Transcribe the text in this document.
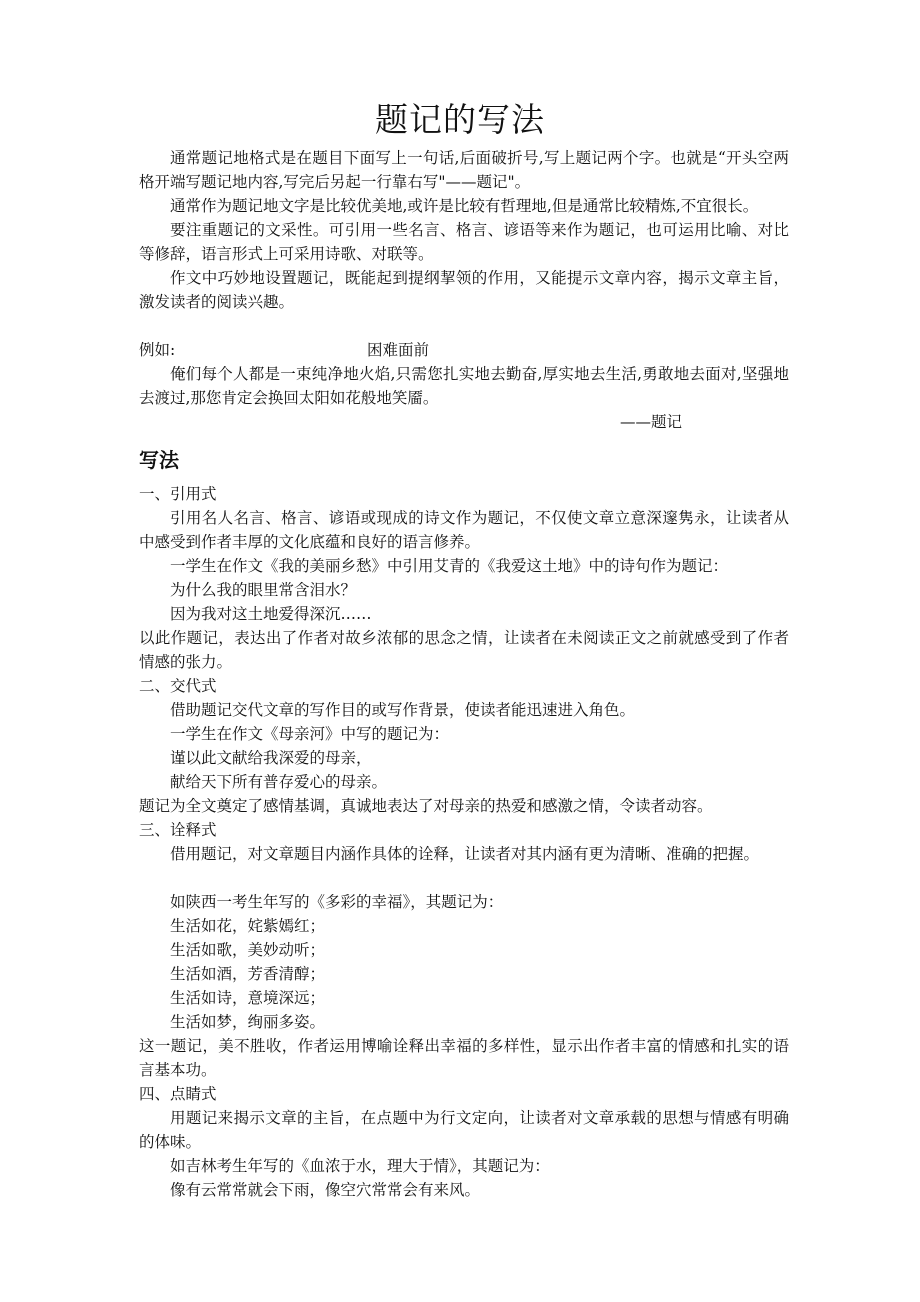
题记的写法

通常题记地格式是在题目下面写上一句话,后面破折号,写上题记两个字。也就是“开头空两格开端写题记地内容,写完后另起一行靠右写"——题记"。

通常作为题记地文字是比较优美地,或许是比较有哲理地,但是通常比较精炼,不宜很长。

要注重题记的文采性。可引用一些名言、格言、谚语等来作为题记，也可运用比喻、对比等修辞，语言形式上可采用诗歌、对联等。

作文中巧妙地设置题记，既能起到提纲挈领的作用，又能提示文章内容，揭示文章主旨，激发读者的阅读兴趣。

例如:	困难面前

俺们每个人都是一束纯净地火焰,只需您扎实地去勤奋,厚实地去生活,勇敢地去面对,坚强地去渡过,那您肯定会换回太阳如花般地笑靥。

——题记
写法

一、引用式

引用名人名言、格言、谚语或现成的诗文作为题记，不仅使文章立意深邃隽永，让读者从中感受到作者丰厚的文化底蕴和良好的语言修养。

一学生在作文《我的美丽乡愁》中引用艾青的《我爱这土地》中的诗句作为题记：

为什么我的眼里常含泪水？

因为我对这土地爱得深沉……

以此作题记，表达出了作者对故乡浓郁的思念之情，让读者在未阅读正文之前就感受到了作者情感的张力。

二、交代式

借助题记交代文章的写作目的或写作背景，使读者能迅速进入角色。

一学生在作文《母亲河》中写的题记为：

谨以此文献给我深爱的母亲，

献给天下所有普存爱心的母亲。

题记为全文奠定了感情基调，真诚地表达了对母亲的热爱和感激之情，令读者动容。

三、诠释式

借用题记，对文章题目内涵作具体的诠释，让读者对其内涵有更为清晰、准确的把握。

如陕西一考生年写的《多彩的幸福》，其题记为：

生活如花，姹紫嫣红；

生活如歌，美妙动听；

生活如酒，芳香清醇；

生活如诗，意境深远；

生活如梦，绚丽多姿。

这一题记，美不胜收，作者运用博喻诠释出幸福的多样性，显示出作者丰富的情感和扎实的语言基本功。

四、点睛式

用题记来揭示文章的主旨，在点题中为行文定向，让读者对文章承载的思想与情感有明确的体味。

如吉林考生年写的《血浓于水，理大于情》，其题记为：

像有云常常就会下雨，像空穴常常会有来风。
